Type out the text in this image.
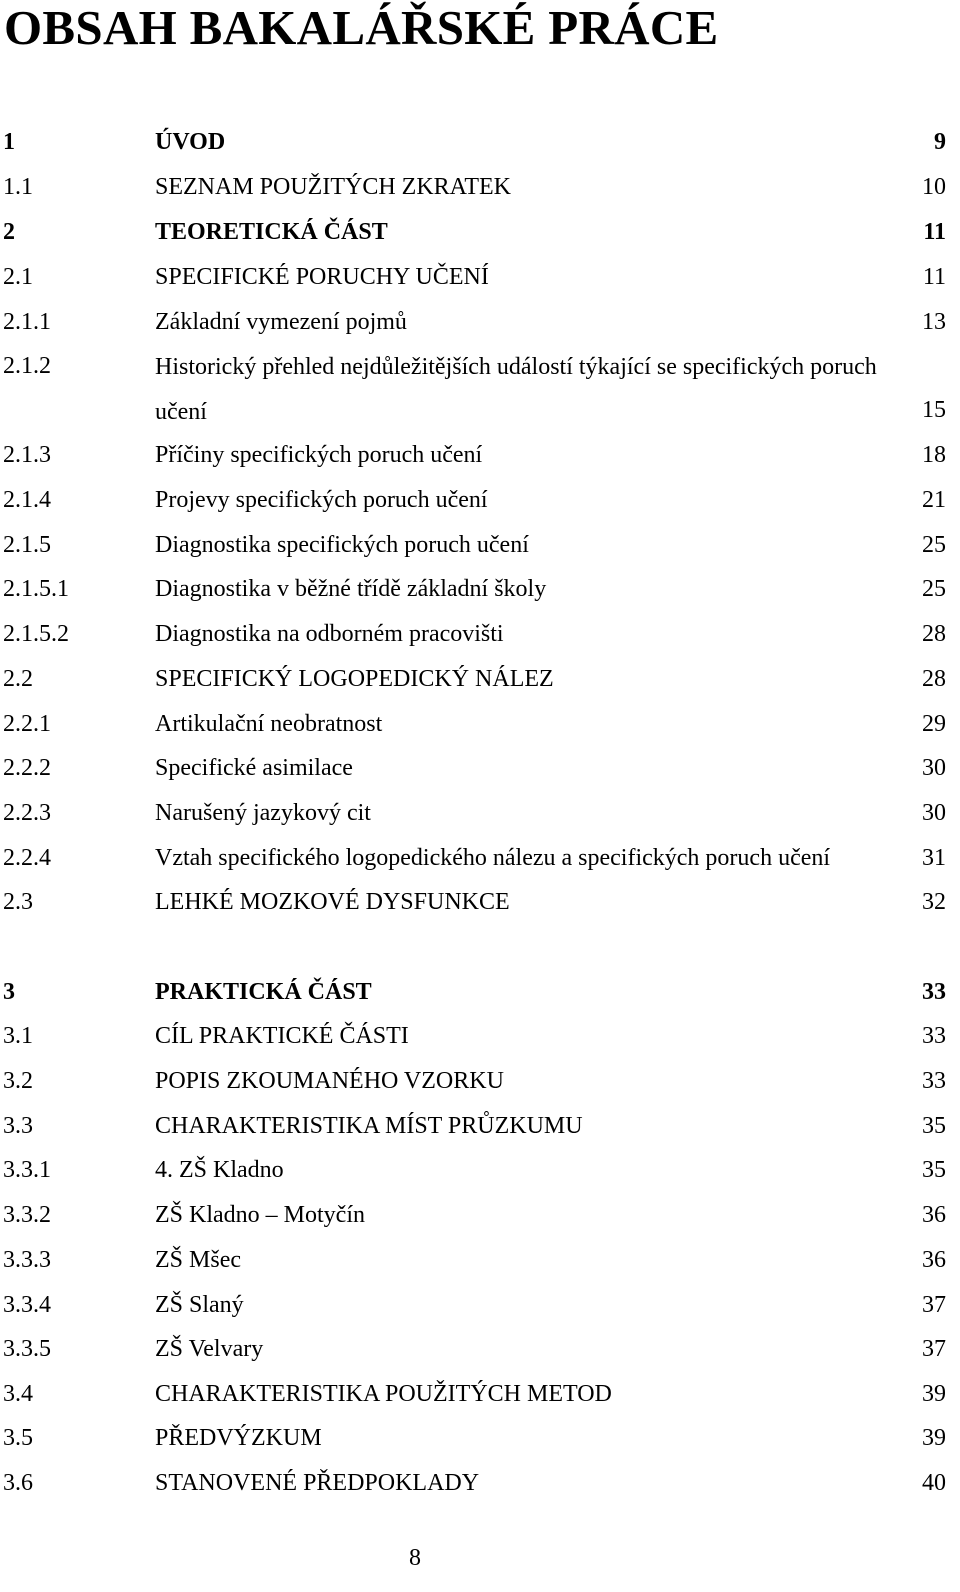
OBSAH BAKALÁŘSKÉ PRÁCE
1	ÚVOD	9
1.1	SEZNAM POUŽITÝCH ZKRATEK	10
2	TEORETICKÁ ČÁST	11
2.1	SPECIFICKÉ PORUCHY UČENÍ	11
2.1.1	Základní vymezení pojmů	13
2.1.2	Historický přehled nejdůležitějších událostí týkající se specifických poruch učení	15
2.1.3	Příčiny specifických poruch učení	18
2.1.4	Projevy specifických poruch učení	21
2.1.5	Diagnostika specifických poruch učení	25
2.1.5.1	Diagnostika v běžné třídě základní školy	25
2.1.5.2	Diagnostika na odborném pracovišti	28
2.2	SPECIFICKÝ LOGOPEDICKÝ NÁLEZ	28
2.2.1	Artikulační neobratnost	29
2.2.2	Specifické asimilace	30
2.2.3	Narušený jazykový cit	30
2.2.4	Vztah specifického logopedického nálezu a specifických poruch učení	31
2.3	LEHKÉ MOZKOVÉ DYSFUNKCE	32
3	PRAKTICKÁ ČÁST	33
3.1	CÍL PRAKTICKÉ ČÁSTI	33
3.2	POPIS ZKOUMANÉHO VZORKU	33
3.3	CHARAKTERISTIKA MÍST PRŮZKUMU	35
3.3.1	4. ZŠ Kladno	35
3.3.2	ZŠ Kladno – Motyčín	36
3.3.3	ZŠ Mšec	36
3.3.4	ZŠ Slaný	37
3.3.5	ZŠ Velvary	37
3.4	CHARAKTERISTIKA POUŽITÝCH METOD	39
3.5	PŘEDVÝZKUM	39
3.6	STANOVENÉ PŘEDPOKLADY	40
8
